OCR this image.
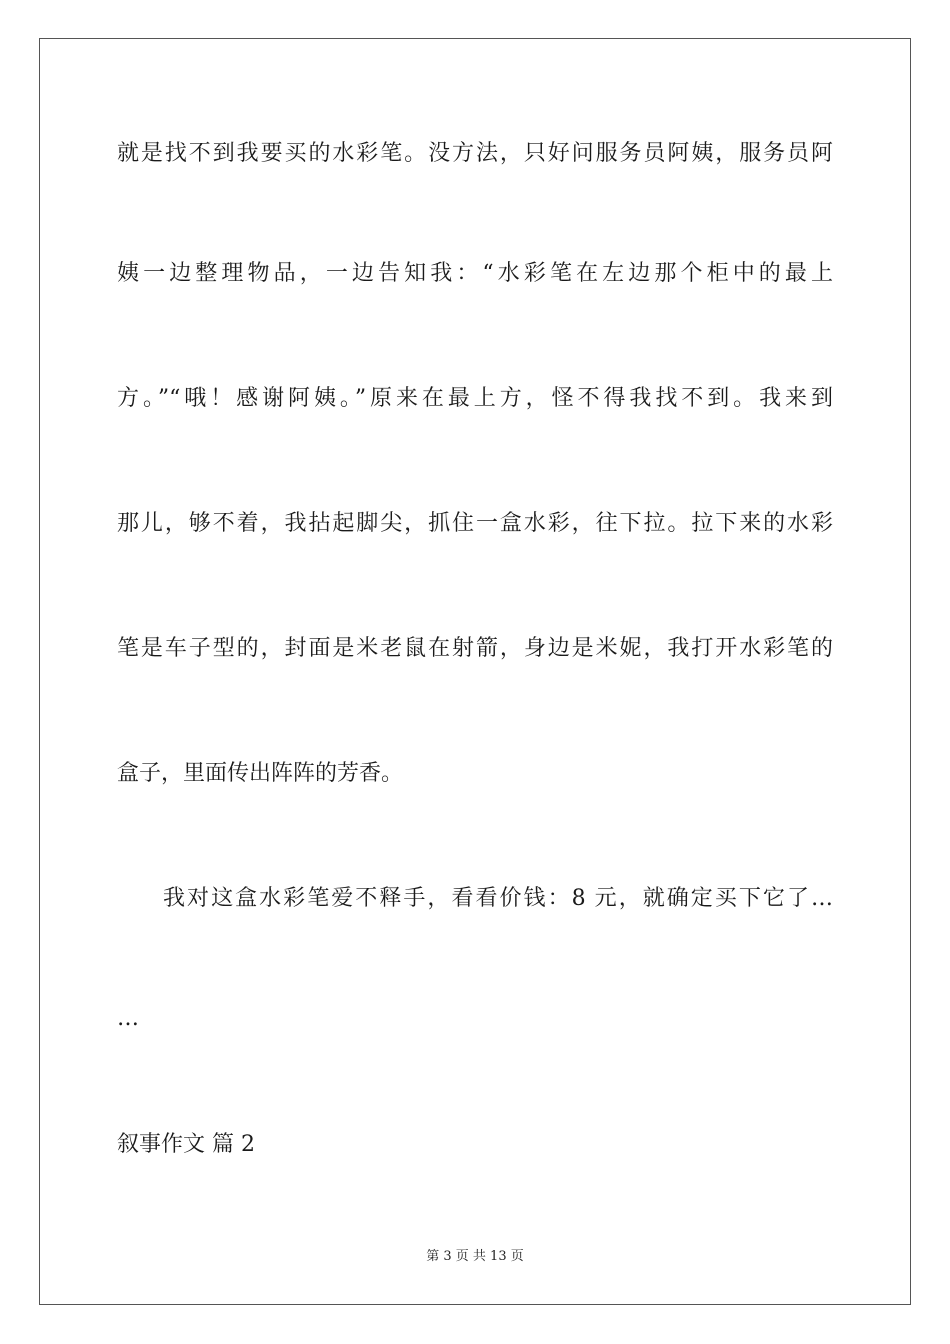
就是找不到我要买的水彩笔。没方法，只好问服务员阿姨，服务员阿
姨一边整理物品，一边告知我：“水彩笔在左边那个柜中的最上
方。”“哦！感谢阿姨。”原来在最上方，怪不得我找不到。我来到
那儿，够不着，我拈起脚尖，抓住一盒水彩，往下拉。拉下来的水彩
笔是车子型的，封面是米老鼠在射箭，身边是米妮，我打开水彩笔的
盒子，里面传出阵阵的芳香。
我对这盒水彩笔爱不释手，看看价钱：8 元，就确定买下它了…
…
叙事作文 篇 2
第 3 页 共 13 页
